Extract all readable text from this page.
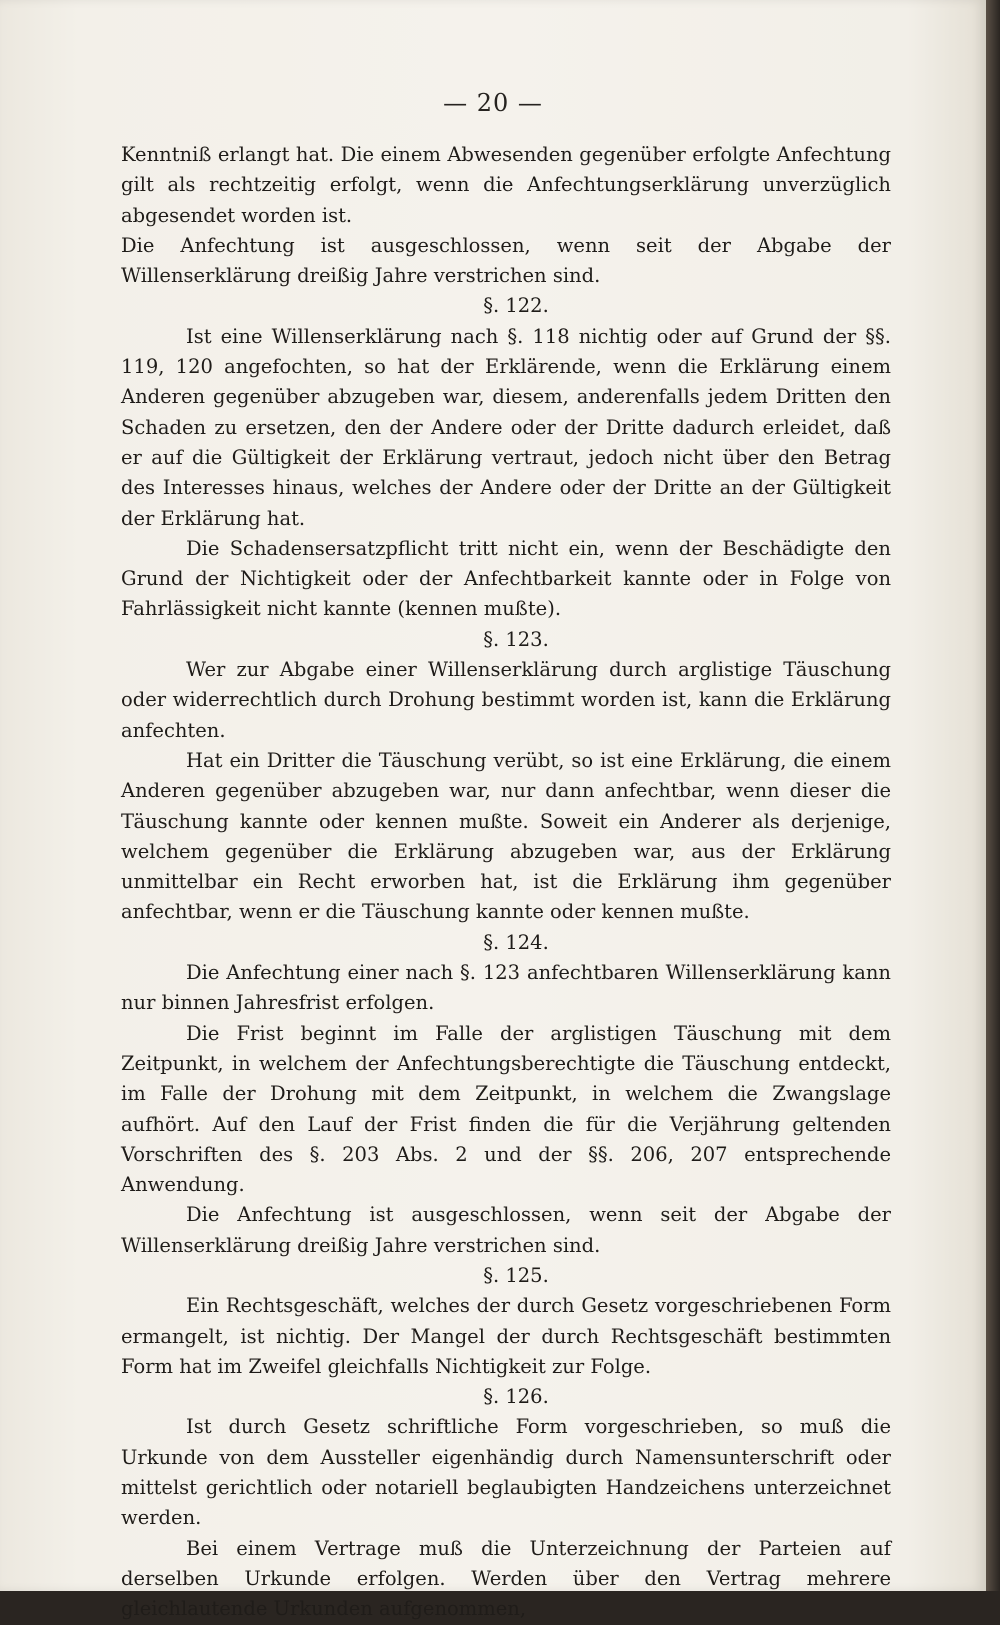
— 20 —

Kenntniß erlangt hat. Die einem Abwesenden gegenüber erfolgte Anfechtung gilt als rechtzeitig erfolgt, wenn die Anfechtungserklärung unverzüglich abgesendet worden ist.

Die Anfechtung ist ausgeschlossen, wenn seit der Abgabe der Willenserklärung dreißig Jahre verstrichen sind.

§. 122.

Ist eine Willenserklärung nach §. 118 nichtig oder auf Grund der §§. 119, 120 angefochten, so hat der Erklärende, wenn die Erklärung einem Anderen gegenüber abzugeben war, diesem, anderenfalls jedem Dritten den Schaden zu ersetzen, den der Andere oder der Dritte dadurch erleidet, daß er auf die Gültigkeit der Erklärung vertraut, jedoch nicht über den Betrag des Interesses hinaus, welches der Andere oder der Dritte an der Gültigkeit der Erklärung hat.

Die Schadensersatzpflicht tritt nicht ein, wenn der Beschädigte den Grund der Nichtigkeit oder der Anfechtbarkeit kannte oder in Folge von Fahrlässigkeit nicht kannte (kennen mußte).

§. 123.

Wer zur Abgabe einer Willenserklärung durch arglistige Täuschung oder widerrechtlich durch Drohung bestimmt worden ist, kann die Erklärung anfechten.

Hat ein Dritter die Täuschung verübt, so ist eine Erklärung, die einem Anderen gegenüber abzugeben war, nur dann anfechtbar, wenn dieser die Täuschung kannte oder kennen mußte. Soweit ein Anderer als derjenige, welchem gegenüber die Erklärung abzugeben war, aus der Erklärung unmittelbar ein Recht erworben hat, ist die Erklärung ihm gegenüber anfechtbar, wenn er die Täuschung kannte oder kennen mußte.

§. 124.

Die Anfechtung einer nach §. 123 anfechtbaren Willenserklärung kann nur binnen Jahresfrist erfolgen.

Die Frist beginnt im Falle der arglistigen Täuschung mit dem Zeitpunkt, in welchem der Anfechtungsberechtigte die Täuschung entdeckt, im Falle der Drohung mit dem Zeitpunkt, in welchem die Zwangslage aufhört. Auf den Lauf der Frist finden die für die Verjährung geltenden Vorschriften des §. 203 Abs. 2 und der §§. 206, 207 entsprechende Anwendung.

Die Anfechtung ist ausgeschlossen, wenn seit der Abgabe der Willenserklärung dreißig Jahre verstrichen sind.

§. 125.

Ein Rechtsgeschäft, welches der durch Gesetz vorgeschriebenen Form ermangelt, ist nichtig. Der Mangel der durch Rechtsgeschäft bestimmten Form hat im Zweifel gleichfalls Nichtigkeit zur Folge.

§. 126.

Ist durch Gesetz schriftliche Form vorgeschrieben, so muß die Urkunde von dem Aussteller eigenhändig durch Namensunterschrift oder mittelst gerichtlich oder notariell beglaubigten Handzeichens unterzeichnet werden.

Bei einem Vertrage muß die Unterzeichnung der Parteien auf derselben Urkunde erfolgen. Werden über den Vertrag mehrere gleichlautende Urkunden aufgenommen,
